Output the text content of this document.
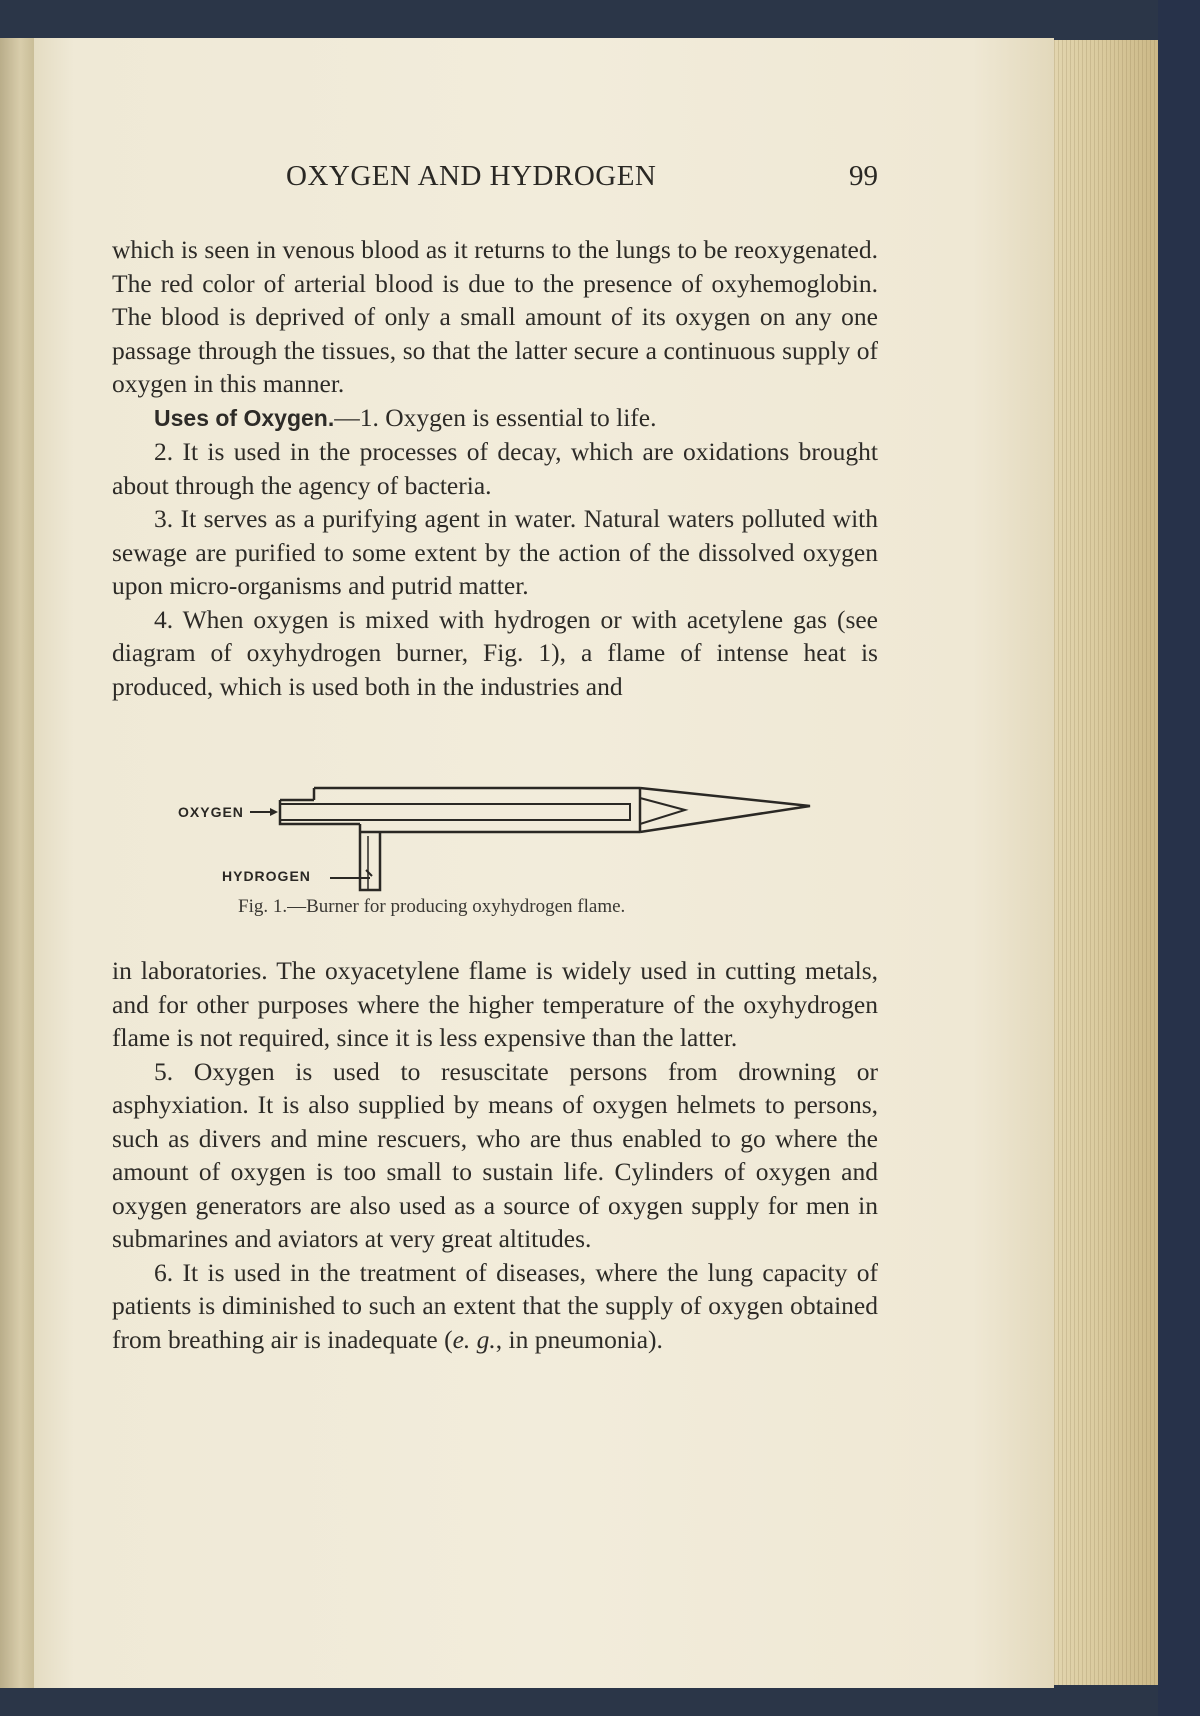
OXYGEN AND HYDROGEN	99

which is seen in venous blood as it returns to the lungs to be reoxygenated. The red color of arterial blood is due to the presence of oxyhemoglobin. The blood is deprived of only a small amount of its oxygen on any one passage through the tissues, so that the latter secure a continuous supply of oxygen in this manner.

Uses of Oxygen.—1. Oxygen is essential to life.

2. It is used in the processes of decay, which are oxidations brought about through the agency of bacteria.

3. It serves as a purifying agent in water. Natural waters polluted with sewage are purified to some extent by the action of the dissolved oxygen upon micro-organisms and putrid matter.

4. When oxygen is mixed with hydrogen or with acetylene gas (see diagram of oxyhydrogen burner, Fig. 1), a flame of intense heat is produced, which is used both in the industries and

OXYGEN
HYDROGEN
Fig. 1.—Burner for producing oxyhydrogen flame.

in laboratories. The oxyacetylene flame is widely used in cutting metals, and for other purposes where the higher temperature of the oxyhydrogen flame is not required, since it is less expensive than the latter.

5. Oxygen is used to resuscitate persons from drowning or asphyxiation. It is also supplied by means of oxygen helmets to persons, such as divers and mine rescuers, who are thus enabled to go where the amount of oxygen is too small to sustain life. Cylinders of oxygen and oxygen generators are also used as a source of oxygen supply for men in submarines and aviators at very great altitudes.

6. It is used in the treatment of diseases, where the lung capacity of patients is diminished to such an extent that the supply of oxygen obtained from breathing air is inadequate (e. g., in pneumonia).
